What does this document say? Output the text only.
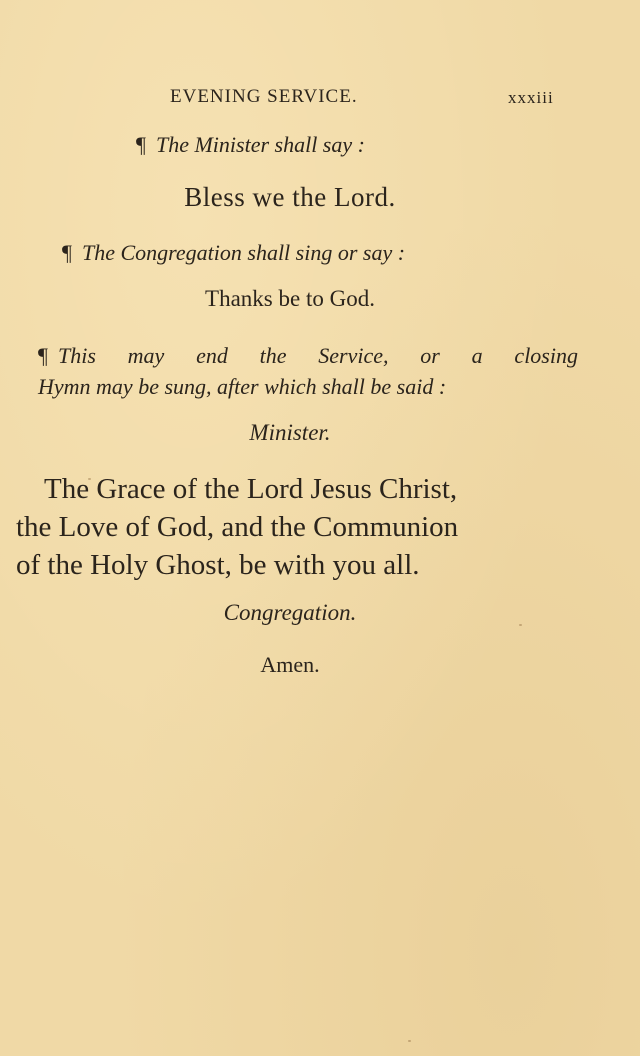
EVENING SERVICE.	xxxiii
¶ The Minister shall say :
Bless we the Lord.
¶ The Congregation shall sing or say :
Thanks be to God.
¶ This may end the Service, or a closing
Hymn may be sung, after which shall be said :
Minister.
The Grace of the Lord Jesus Christ,
the Love of God, and the Communion
of the Holy Ghost, be with you all.
Congregation.
Amen.
